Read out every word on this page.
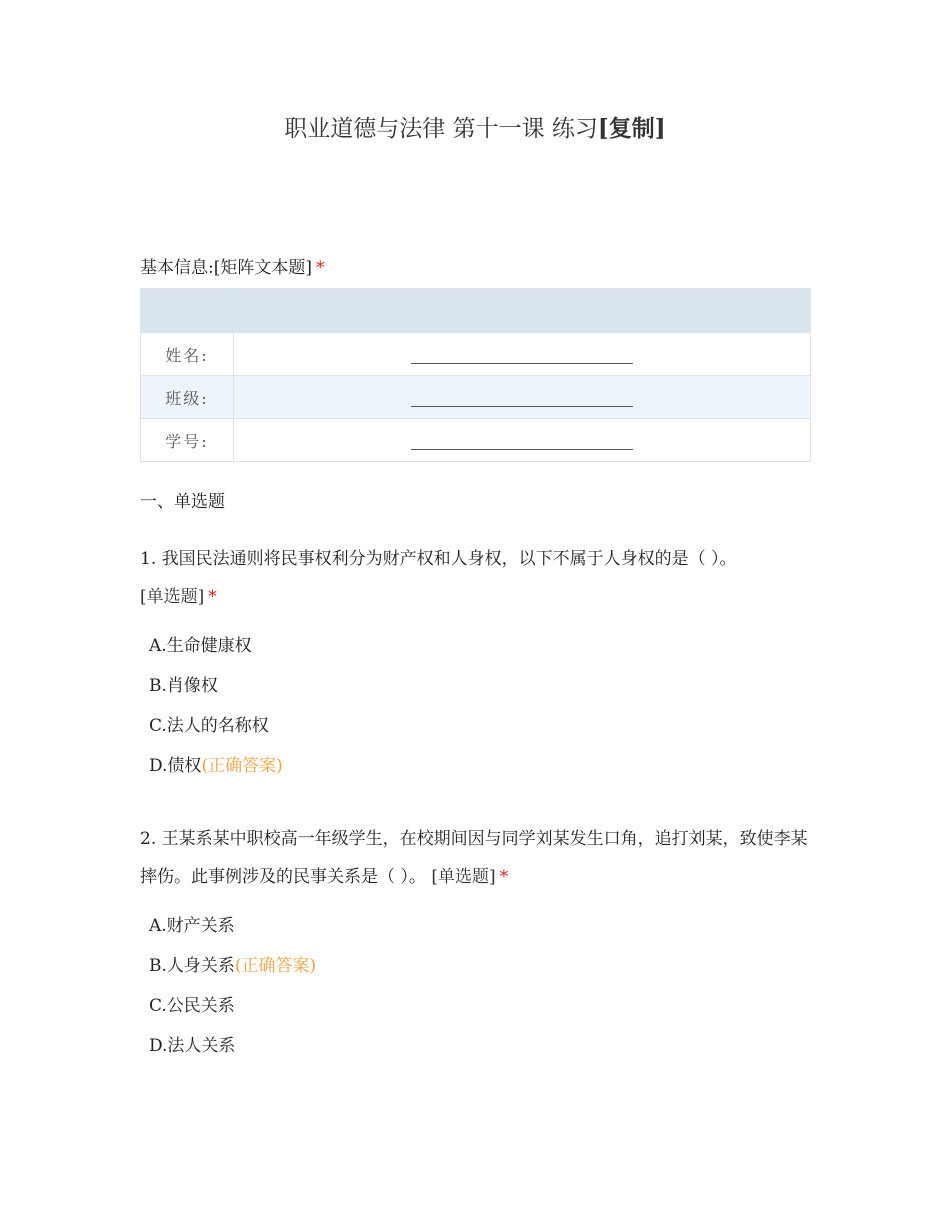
职业道德与法律 第十一课 练习[复制]
基本信息:[矩阵文本题] *

姓名:	
班级:	
学号:	
一、单选题
1. 我国民法通则将民事权利分为财产权和人身权，以下不属于人身权的是（ ）。
[单选题] *
A.生命健康权
B.肖像权
C.法人的名称权
D.债权(正确答案)
2. 王某系某中职校高一年级学生，在校期间因与同学刘某发生口角，追打刘某，致使李某摔伤。此事例涉及的民事关系是（ ）。 [单选题] *
A.财产关系
B.人身关系(正确答案)
C.公民关系
D.法人关系
